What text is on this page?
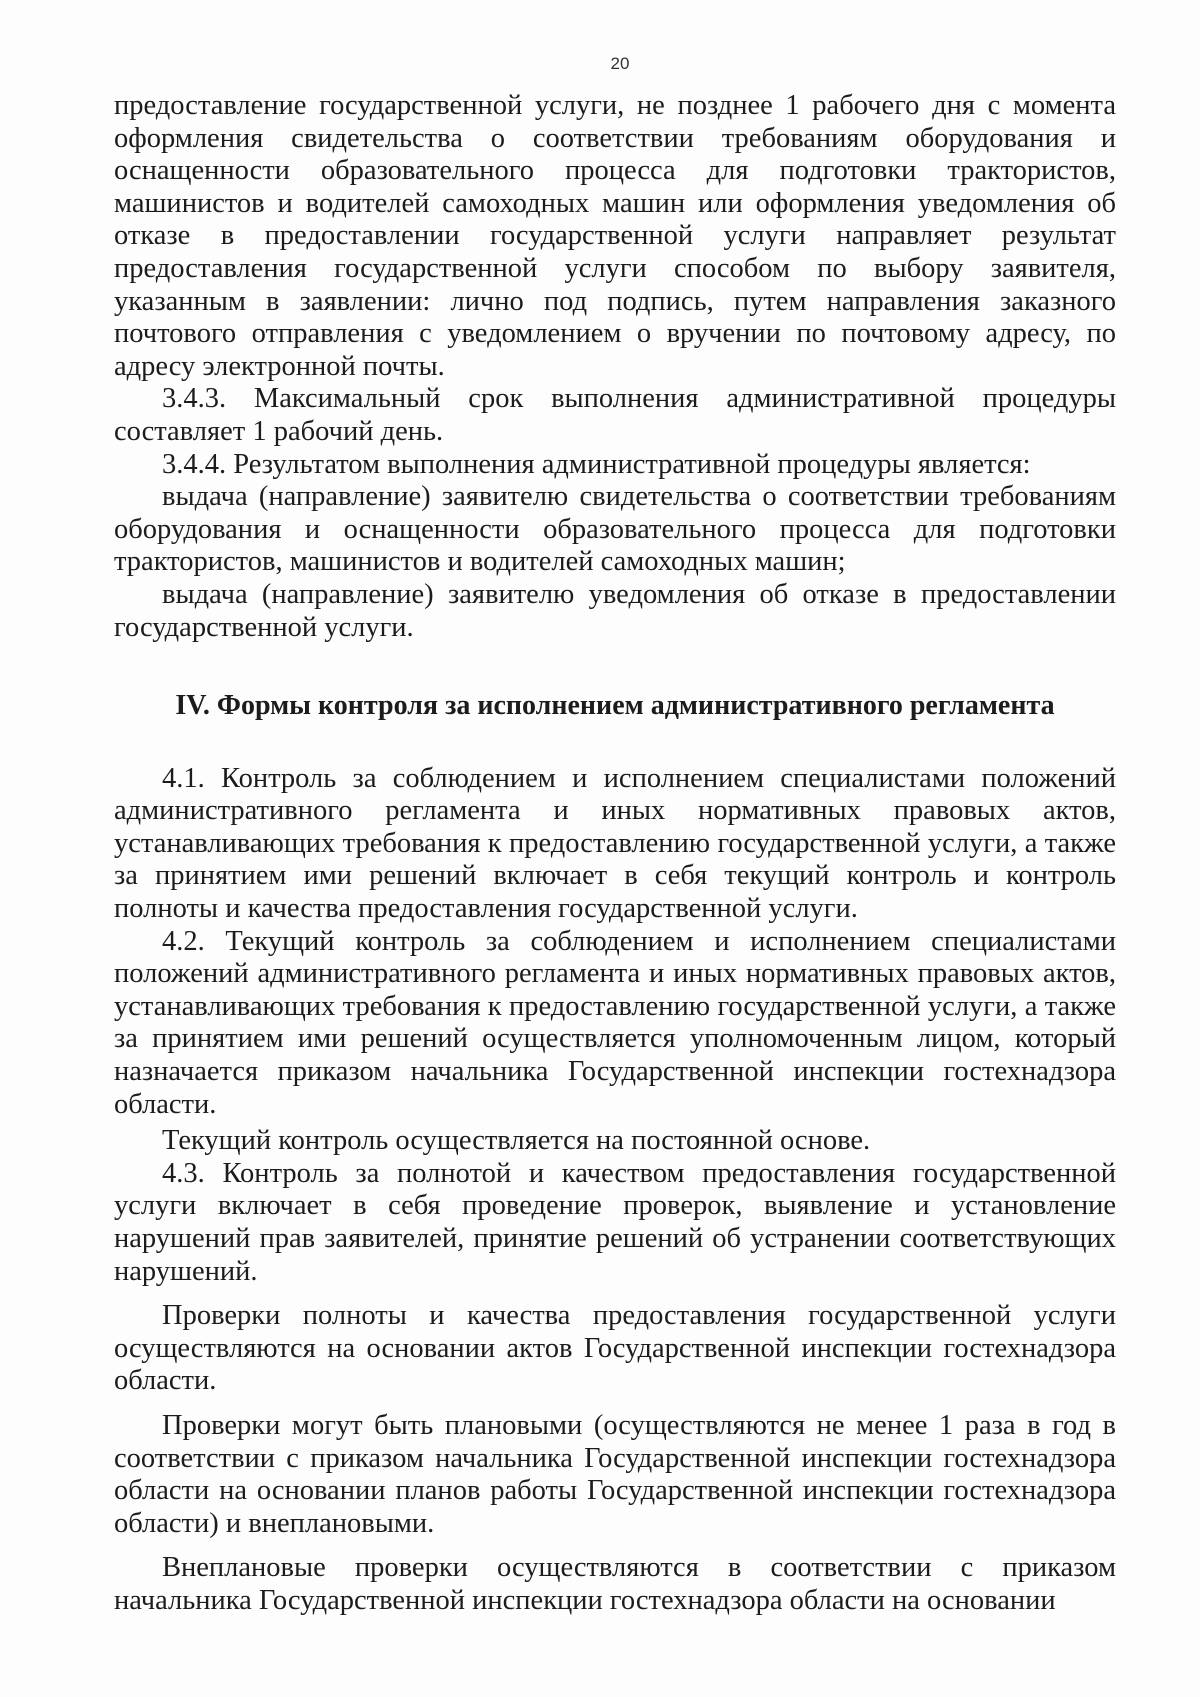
20

предоставление государственной услуги, не позднее 1 рабочего дня с момента оформления свидетельства о соответствии требованиям оборудования и оснащенности образовательного процесса для подготовки трактористов, машинистов и водителей самоходных машин или оформления уведомления об отказе в предоставлении государственной услуги направляет результат предоставления государственной услуги способом по выбору заявителя, указанным в заявлении: лично под подпись, путем направления заказного почтового отправления с уведомлением о вручении по почтовому адресу, по адресу электронной почты.

3.4.3. Максимальный срок выполнения административной процедуры составляет 1 рабочий день.

3.4.4. Результатом выполнения административной процедуры является:

выдача (направление) заявителю свидетельства о соответствии требованиям оборудования и оснащенности образовательного процесса для подготовки трактористов, машинистов и водителей самоходных машин;

выдача (направление) заявителю уведомления об отказе в предоставлении государственной услуги.

IV. Формы контроля за исполнением административного регламента

4.1. Контроль за соблюдением и исполнением специалистами положений административного регламента и иных нормативных правовых актов, устанавливающих требования к предоставлению государственной услуги, а также за принятием ими решений включает в себя текущий контроль и контроль полноты и качества предоставления государственной услуги.

4.2. Текущий контроль за соблюдением и исполнением специалистами положений административного регламента и иных нормативных правовых актов, устанавливающих требования к предоставлению государственной услуги, а также за принятием ими решений осуществляется уполномоченным лицом, который назначается приказом начальника Государственной инспекции гостехнадзора области.

Текущий контроль осуществляется на постоянной основе.

4.3. Контроль за полнотой и качеством предоставления государственной услуги включает в себя проведение проверок, выявление и установление нарушений прав заявителей, принятие решений об устранении соответствующих нарушений.

Проверки полноты и качества предоставления государственной услуги осуществляются на основании актов Государственной инспекции гостехнадзора области.

Проверки могут быть плановыми (осуществляются не менее 1 раза в год в соответствии с приказом начальника Государственной инспекции гостехнадзора области на основании планов работы Государственной инспекции гостехнадзора области) и внеплановыми.

Внеплановые проверки осуществляются в соответствии с приказом начальника Государственной инспекции гостехнадзора области на основании
